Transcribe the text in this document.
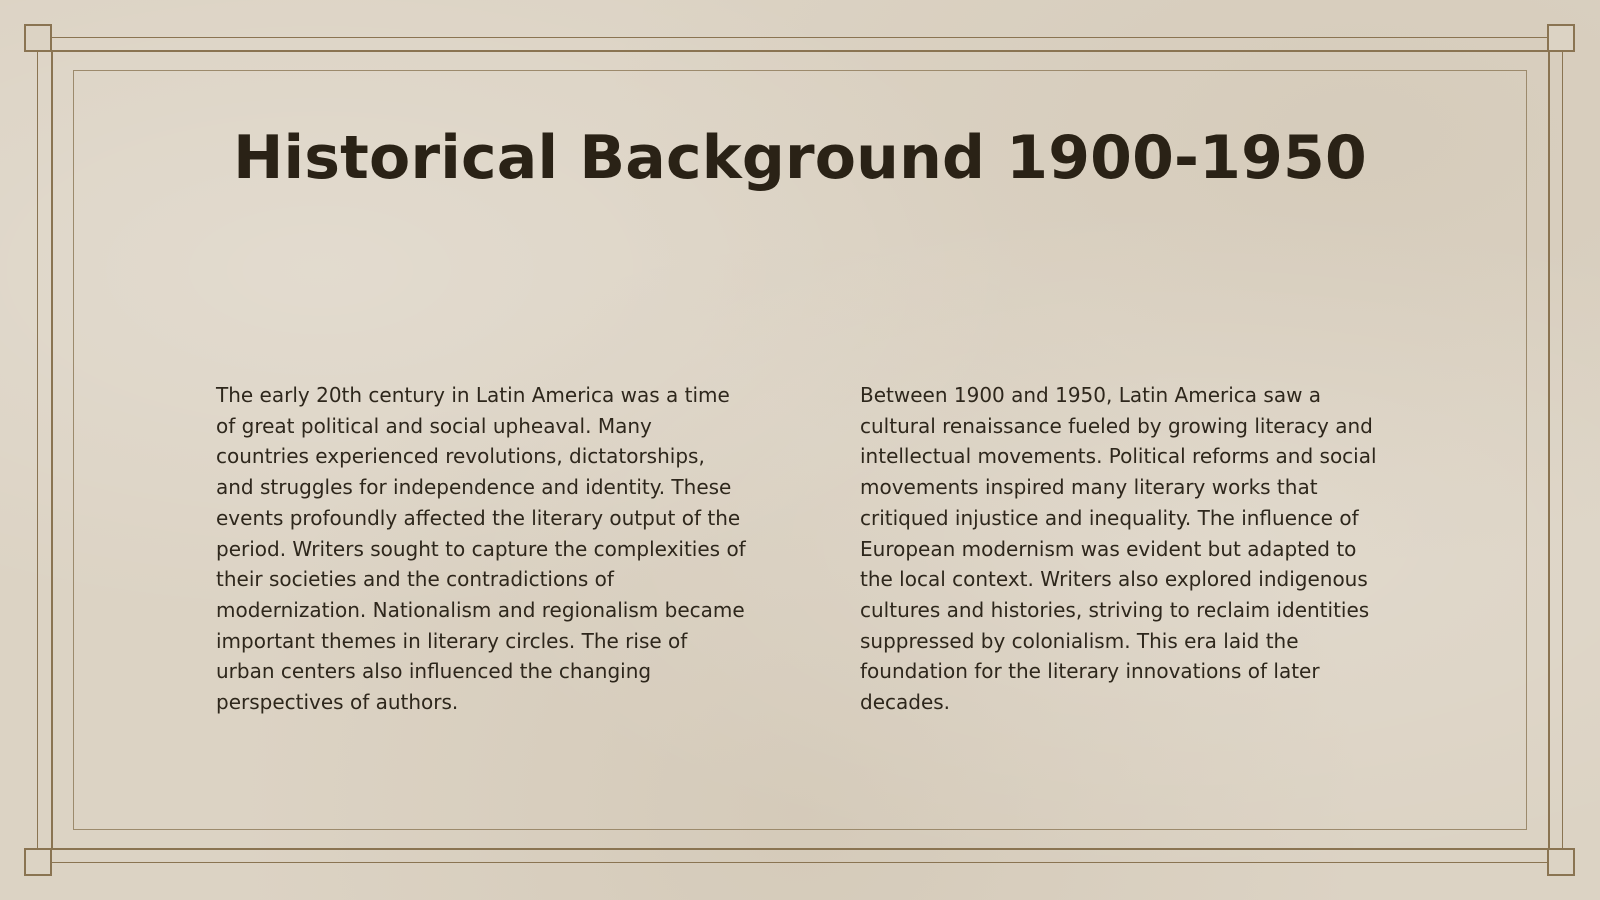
Historical Background 1900-1950

The early 20th century in Latin America was a time of great political and social upheaval. Many countries experienced revolutions, dictatorships, and struggles for independence and identity. These events profoundly affected the literary output of the period. Writers sought to capture the complexities of their societies and the contradictions of modernization. Nationalism and regionalism became important themes in literary circles. The rise of urban centers also influenced the changing perspectives of authors.

Between 1900 and 1950, Latin America saw a cultural renaissance fueled by growing literacy and intellectual movements. Political reforms and social movements inspired many literary works that critiqued injustice and inequality. The influence of European modernism was evident but adapted to the local context. Writers also explored indigenous cultures and histories, striving to reclaim identities suppressed by colonialism. This era laid the foundation for the literary innovations of later decades.
